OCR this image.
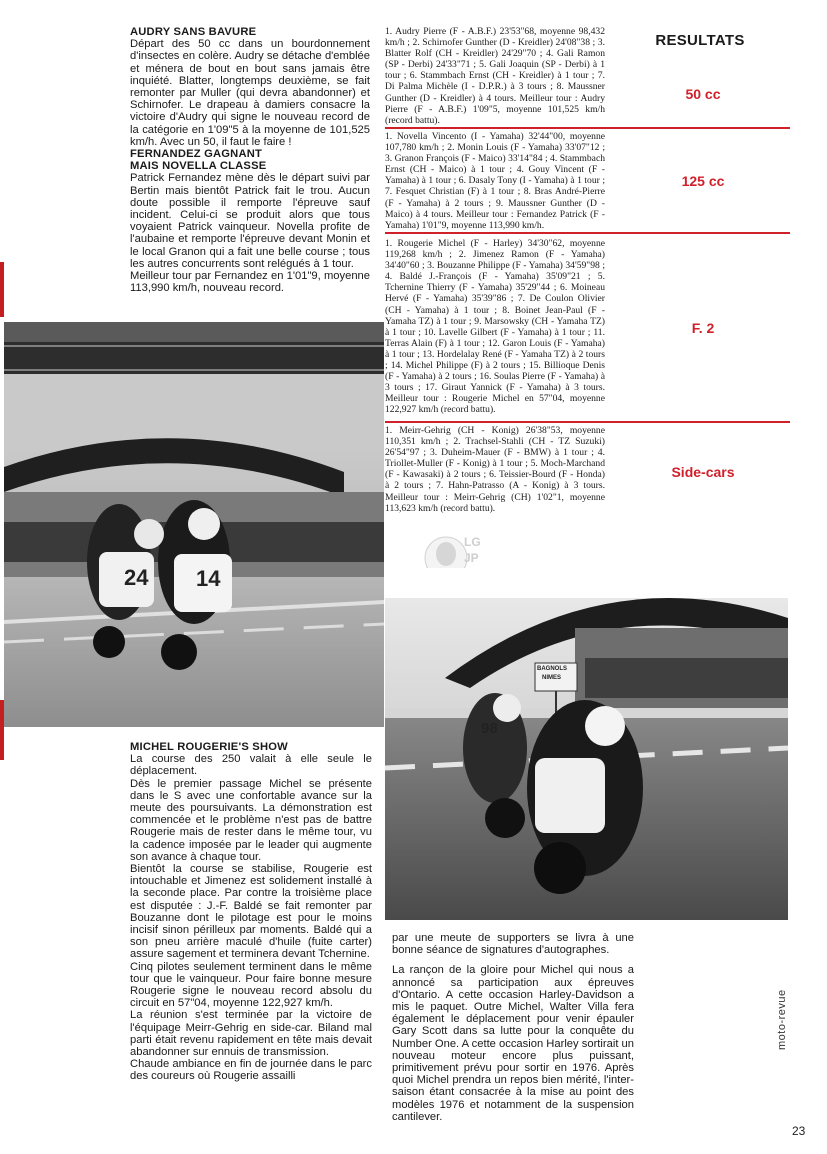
AUDRY SANS BAVURE

Départ des 50 cc dans un bourdonnement d'insectes en colère. Audry se détache d'emblée et ménera de bout en bout sans jamais être inquiété. Blatter, longtemps deuxième, se fait remonter par Muller (qui devra abandonner) et Schirnofer. Le drapeau à damiers consacre la victoire d'Audry qui signe le nouveau record de la catégorie en 1'09"5 à la moyenne de 101,525 km/h. Avec un 50, il faut le faire !

FERNANDEZ GAGNANT
MAIS NOVELLA CLASSE

Patrick Fernandez mène dès le départ suivi par Bertin mais bientôt Patrick fait le trou. Aucun doute possible il remporte l'épreuve sauf incident. Celui-ci se produit alors que tous voyaient Patrick vainqueur. Novella profite de l'aubaine et remporte l'épreuve devant Monin et le local Granon qui a fait une belle course ; tous les autres concurrents sont relégués à 1 tour.

Meilleur tour par Fernandez en 1'01"9, moyenne 113,990 km/h, nouveau record.

1. Audry Pierre (F - A.B.F.) 23'53"68, moyenne 98,432 km/h ; 2. Schirnofer Gunther (D - Kreidler) 24'08"38 ; 3. Blatter Rolf (CH - Kreidler) 24'29"70 ; 4. Gali Ramon (SP - Derbi) 24'33"71 ; 5. Gali Joaquin (SP - Derbi) à 1 tour ; 6. Stammbach Ernst (CH - Kreidler) à 1 tour ; 7. Di Palma Michèle (I - D.P.R.) à 3 tours ; 8. Maussner Gunther (D - Kreidler) à 4 tours. Meilleur tour : Audry Pierre (F - A.B.F.) 1'09"5, moyenne 101,525 km/h (record battu).
1. Novella Vincento (I - Yamaha) 32'44"00, moyenne 107,780 km/h ; 2. Monin Louis (F - Yamaha) 33'07"12 ; 3. Granon François (F - Maico) 33'14"84 ; 4. Stammbach Ernst (CH - Maico) à 1 tour ; 4. Gouy Vincent (F - Yamaha) à 1 tour ; 6. Dasaly Tony (I - Yamaha) à 1 tour ; 7. Fesquet Christian (F) à 1 tour ; 8. Bras André-Pierre (F - Yamaha) à 2 tours ; 9. Maussner Gunther (D - Maico) à 4 tours. Meilleur tour : Fernandez Patrick (F - Yamaha) 1'01"9, moyenne 113,990 km/h.
1. Rougerie Michel (F - Harley) 34'30"62, moyenne 119,268 km/h ; 2. Jimenez Ramon (F - Yamaha) 34'40"60 ; 3. Bouzanne Philippe (F - Yamaha) 34'59"98 ; 4. Baldé J.-François (F - Yamaha) 35'09"21 ; 5. Tchernine Thierry (F - Yamaha) 35'29"44 ; 6. Moineau Hervé (F - Yamaha) 35'39"86 ; 7. De Coulon Olivier (CH - Yamaha) à 1 tour ; 8. Boinet Jean-Paul (F - Yamaha TZ) à 1 tour ; 9. Marsowsky (CH - Yamaha TZ) à 1 tour ; 10. Lavelle Gilbert (F - Yamaha) à 1 tour ; 11. Terras Alain (F) à 1 tour ; 12. Garon Louis (F - Yamaha) à 1 tour ; 13. Hordelalay René (F - Yamaha TZ) à 2 tours ; 14. Michel Philippe (F) à 2 tours ; 15. Billioque Denis (F - Yamaha) à 2 tours ; 16. Soulas Pierre (F - Yamaha) à 3 tours ; 17. Giraut Yannick (F - Yamaha) à 3 tours. Meilleur tour : Rougerie Michel en 57"04, moyenne 122,927 km/h (record battu).
1. Meirr-Gehrig (CH - Konig) 26'38"53, moyenne 110,351 km/h ; 2. Trachsel-Stahli (CH - TZ Suzuki) 26'54"97 ; 3. Duheim-Mauer (F - BMW) à 1 tour ; 4. Triollet-Muller (F - Konig) à 1 tour ; 5. Moch-Marchand (F - Kawasaki) à 2 tours ; 6. Teissier-Bourd (F - Honda) à 2 tours ; 7. Hahn-Patrasso (A - Konig) à 3 tours. Meilleur tour : Meirr-Gehrig (CH) 1'02"1, moyenne 113,623 km/h (record battu).
RESULTATS
50 cc
125 cc
F. 2
Side-cars
LG JP
24 14
BAGNOLS
NIMES
98
MICHEL ROUGERIE'S SHOW

La course des 250 valait à elle seule le déplacement.

Dès le premier passage Michel se présente dans le S avec une confortable avance sur la meute des poursuivants. La démonstration est commencée et le problème n'est pas de battre Rougerie mais de rester dans le même tour, vu la cadence imposée par le leader qui augmente son avance à chaque tour.

Bientôt la course se stabilise, Rougerie est intouchable et Jimenez est solidement installé à la seconde place. Par contre la troisième place est disputée : J.-F. Baldé se fait remonter par Bouzanne dont le pilotage est pour le moins incisif sinon périlleux par moments. Baldé qui a son pneu arrière maculé d'huile (fuite carter) assure sagement et terminera devant Tchernine.

Cinq pilotes seulement terminent dans le même tour que le vainqueur. Pour faire bonne mesure Rougerie signe le nouveau record absolu du circuit en 57"04, moyenne 122,927 km/h.

La réunion s'est terminée par la victoire de l'équipage Meirr-Gehrig en side-car. Biland mal parti était revenu rapidement en tête mais devait abandonner sur ennuis de transmission.

Chaude ambiance en fin de journée dans le parc des coureurs où Rougerie assailli

par une meute de supporters se livra à une bonne séance de signatures d'autographes.

La rançon de la gloire pour Michel qui nous a annoncé sa participation aux épreuves d'Ontario. A cette occasion Harley-Davidson a mis le paquet. Outre Michel, Walter Villa fera également le déplacement pour venir épauler Gary Scott dans sa lutte pour la conquête du Number One. A cette occasion Harley sortirait un nouveau moteur encore plus puissant, primitivement prévu pour sortir en 1976. Après quoi Michel prendra un repos bien mérité, l'inter-saison étant consacrée à la mise au point des modèles 1976 et notamment de la suspension cantilever.

moto-revue
23
